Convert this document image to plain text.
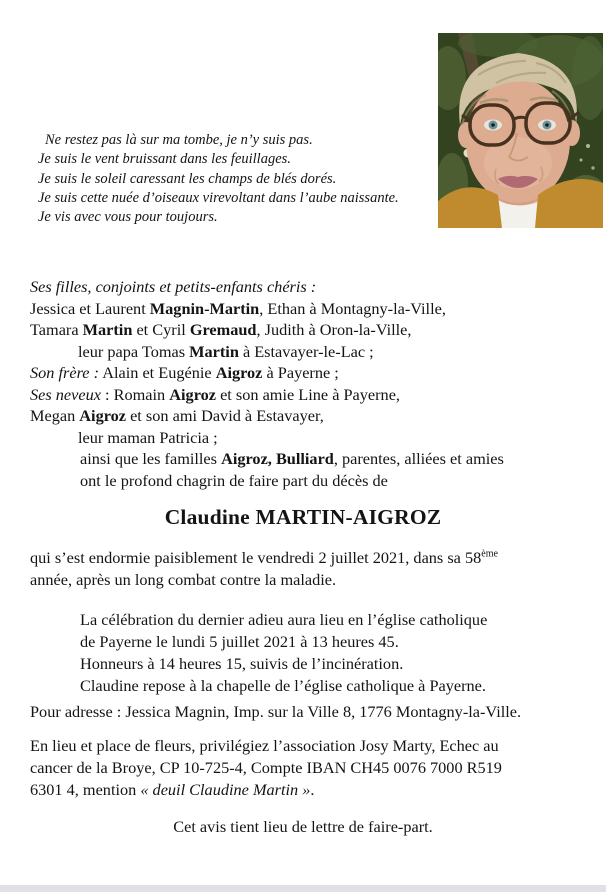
Ne restez pas là sur ma tombe, je n’y suis pas.
Je suis le vent bruissant dans les feuillages.
Je suis le soleil caressant les champs de blés dorés.
Je suis cette nuée d’oiseaux virevoltant dans l’aube naissante.
Je vis avec vous pour toujours.
Ses filles, conjoints et petits-enfants chéris :
Jessica et Laurent Magnin-Martin, Ethan à Montagny-la-Ville,
Tamara Martin et Cyril Gremaud, Judith à Oron-la-Ville,
leur papa Tomas Martin à Estavayer-le-Lac ;
Son frère : Alain et Eugénie Aigroz à Payerne ;
Ses neveux : Romain Aigroz et son amie Line à Payerne,
Megan Aigroz et son ami David à Estavayer,
leur maman Patricia ;
ainsi que les familles Aigroz, Bulliard, parentes, alliées et amies
ont le profond chagrin de faire part du décès de
Claudine MARTIN-AIGROZ
qui s’est endormie paisiblement le vendredi 2 juillet 2021, dans sa 58ème
année, après un long combat contre la maladie.
La célébration du dernier adieu aura lieu en l’église catholique
de Payerne le lundi 5 juillet 2021 à 13 heures 45.
Honneurs à 14 heures 15, suivis de l’incinération.
Claudine repose à la chapelle de l’église catholique à Payerne.
Pour adresse : Jessica Magnin, Imp. sur la Ville 8, 1776 Montagny-la-Ville.
En lieu et place de fleurs, privilégiez l’association Josy Marty, Echec au
cancer de la Broye, CP 10-725-4, Compte IBAN CH45 0076 7000 R519
6301 4, mention « deuil Claudine Martin ».
Cet avis tient lieu de lettre de faire-part.
